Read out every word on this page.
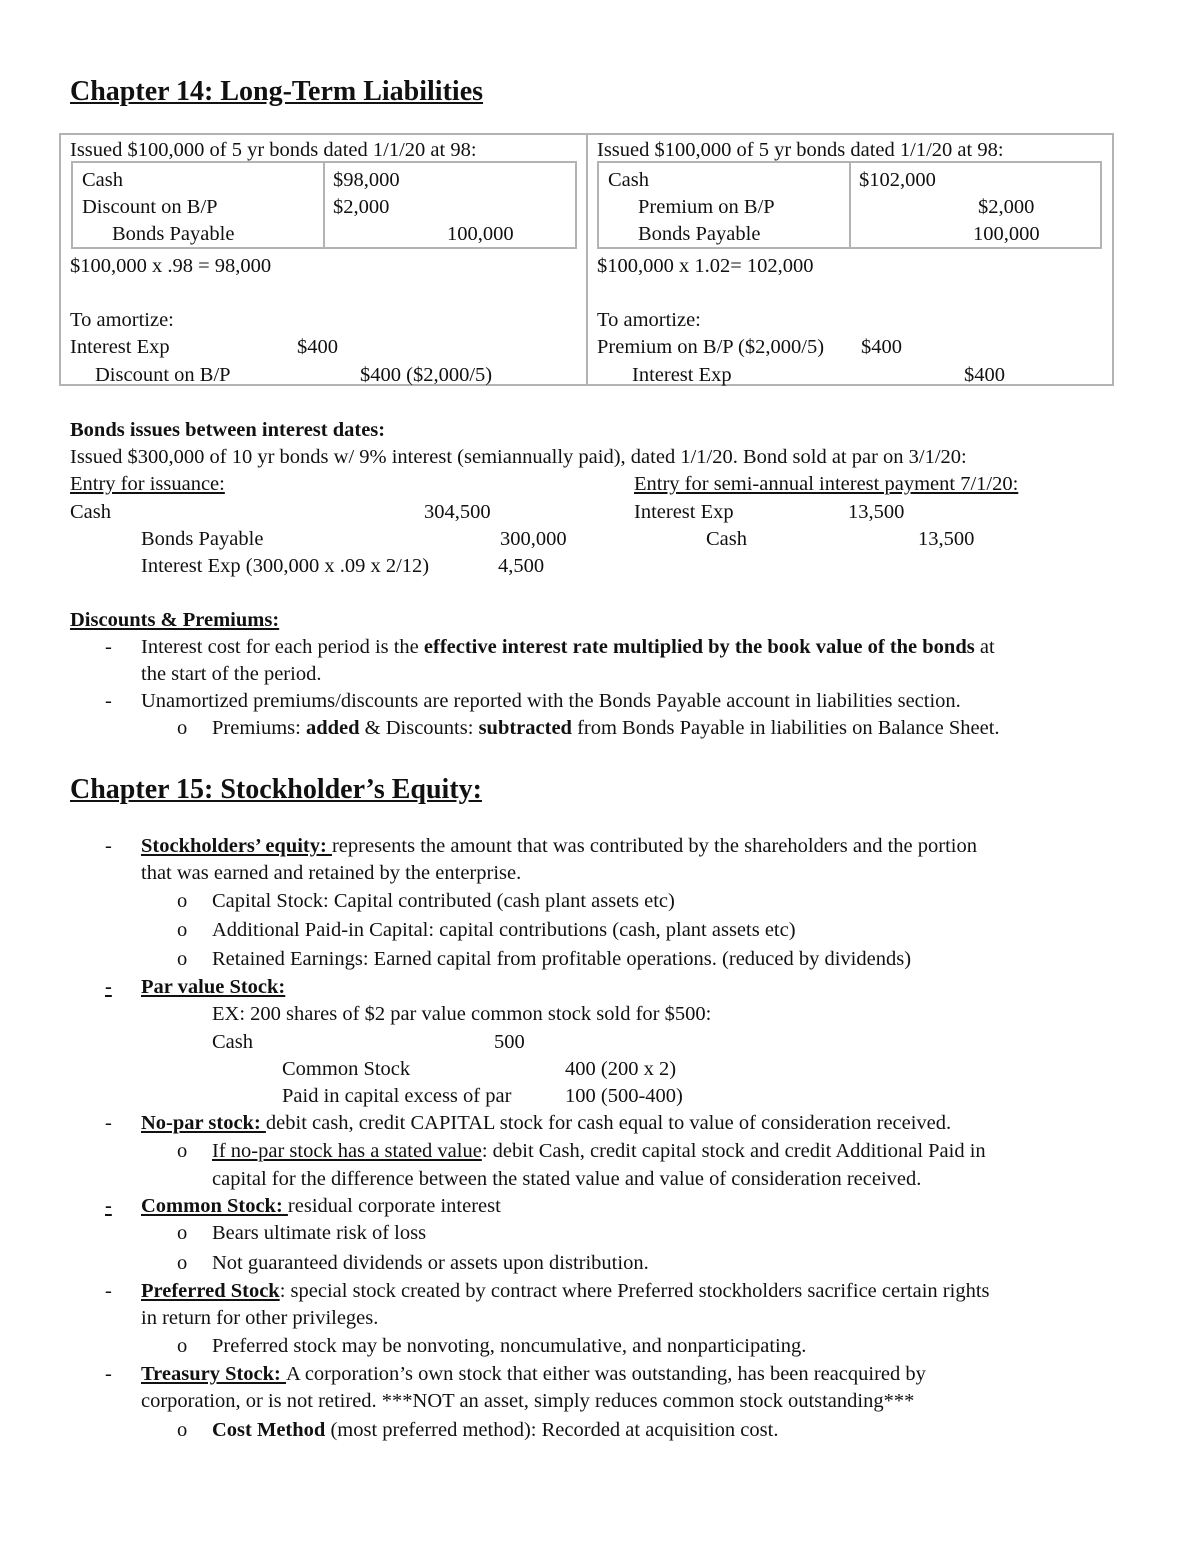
Chapter 14: Long-Term Liabilities
Issued $100,000 of 5 yr bonds dated 1/1/20 at 98:
Cash	$98,000
Discount on B/P	$2,000
Bonds Payable	100,000
$100,000 x .98 = 98,000
To amortize:
Interest Exp	$400
Discount on B/P	$400 ($2,000/5)
Issued $100,000 of 5 yr bonds dated 1/1/20 at 98:
Cash	$102,000
Premium on B/P	$2,000
Bonds Payable	100,000
$100,000 x 1.02= 102,000
To amortize:
Premium on B/P ($2,000/5) $400
Interest Exp	$400
Bonds issues between interest dates:
Issued $300,000 of 10 yr bonds w/ 9% interest (semiannually paid), dated 1/1/20. Bond sold at par on 3/1/20:
Entry for issuance:	Entry for semi-annual interest payment 7/1/20:
Cash	304,500
Bonds Payable	300,000
Interest Exp (300,000 x .09 x 2/12)	4,500
Interest Exp	13,500
Cash	13,500
Discounts & Premiums:
- Interest cost for each period is the effective interest rate multiplied by the book value of the bonds at
the start of the period.
- Unamortized premiums/discounts are reported with the Bonds Payable account in liabilities section.
o Premiums: added & Discounts: subtracted from Bonds Payable in liabilities on Balance Sheet.
Chapter 15: Stockholder’s Equity:
- Stockholders’ equity: represents the amount that was contributed by the shareholders and the portion
that was earned and retained by the enterprise.
o Capital Stock: Capital contributed (cash plant assets etc)
o Additional Paid-in Capital: capital contributions (cash, plant assets etc)
o Retained Earnings: Earned capital from profitable operations. (reduced by dividends)
-	Par value Stock:
EX: 200 shares of $2 par value common stock sold for $500:
Cash	500
Common Stock	400 (200 x 2)
Paid in capital excess of par	100 (500-400)
- No-par stock: debit cash, credit CAPITAL stock for cash equal to value of consideration received.
o If no-par stock has a stated value: debit Cash, credit capital stock and credit Additional Paid in
capital for the difference between the stated value and value of consideration received.
-	Common Stock: residual corporate interest
o Bears ultimate risk of loss
o Not guaranteed dividends or assets upon distribution.
- Preferred Stock: special stock created by contract where Preferred stockholders sacrifice certain rights
in return for other privileges.
o Preferred stock may be nonvoting, noncumulative, and nonparticipating.
- Treasury Stock: A corporation’s own stock that either was outstanding, has been reacquired by
corporation, or is not retired. ***NOT an asset, simply reduces common stock outstanding***
o Cost Method (most preferred method): Recorded at acquisition cost.
